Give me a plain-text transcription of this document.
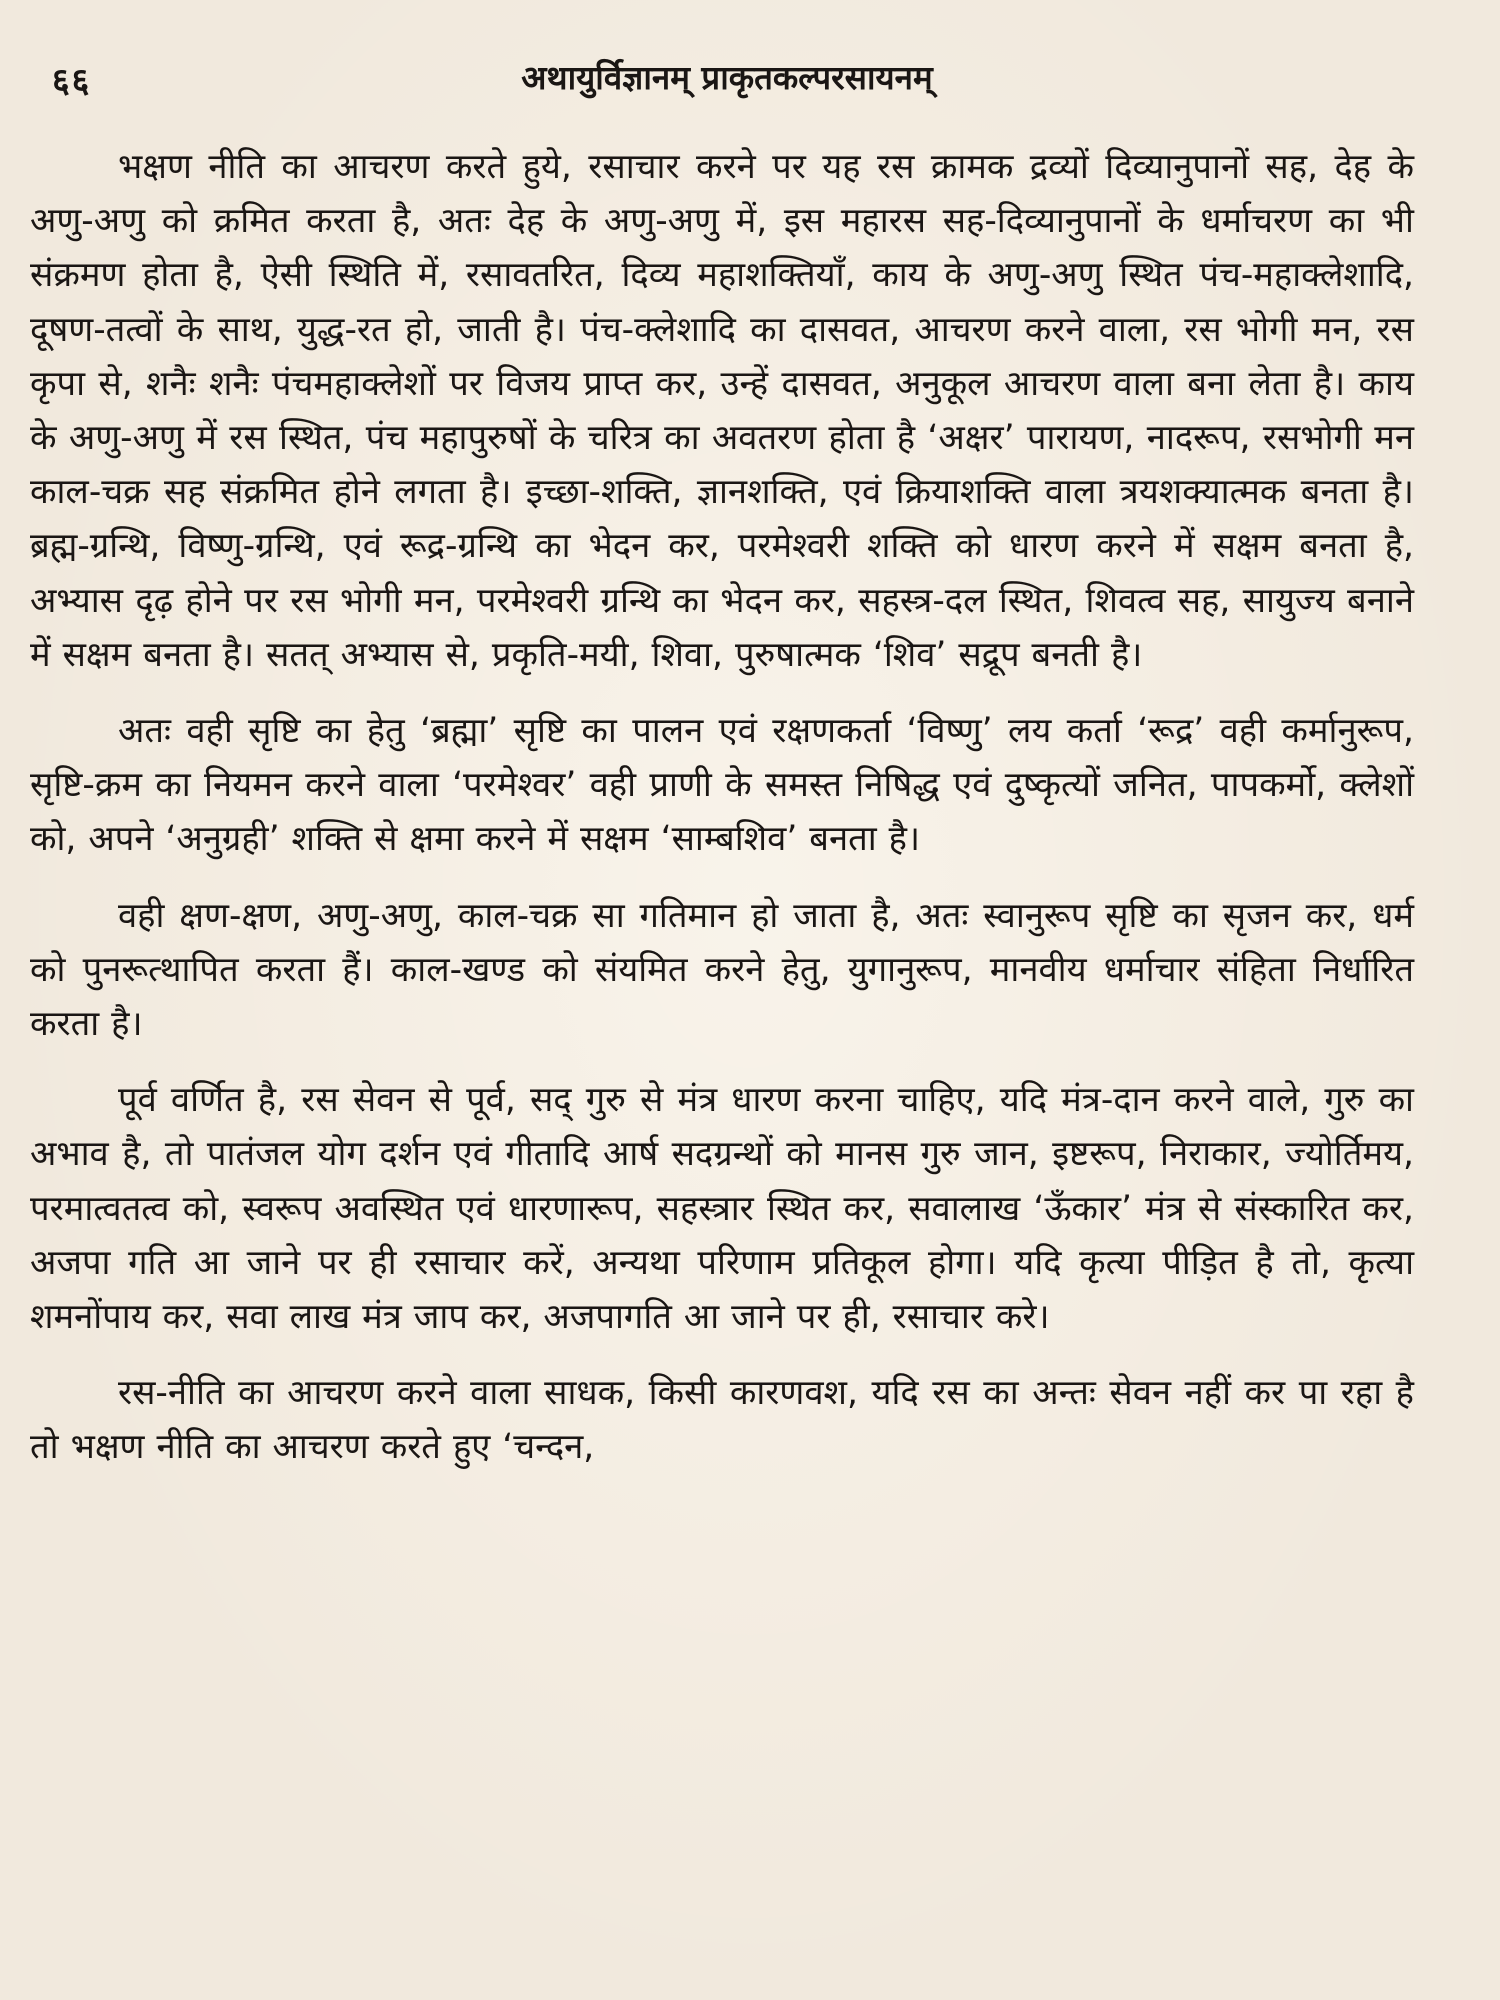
६६	अथायुर्विज्ञानम् प्राकृतकल्परसायनम्

भक्षण नीति का आचरण करते हुये, रसाचार करने पर यह रस क्रामक द्रव्यों दिव्यानुपानों सह, देह के अणु-अणु को क्रमित करता है, अतः देह के अणु-अणु में, इस महारस सह-दिव्यानुपानों के धर्माचरण का भी संक्रमण होता है, ऐसी स्थिति में, रसावतरित, दिव्य महाशक्तियाँ, काय के अणु-अणु स्थित पंच-महाक्लेशादि, दूषण-तत्वों के साथ, युद्ध-रत हो, जाती है। पंच-क्लेशादि का दासवत, आचरण करने वाला, रस भोगी मन, रस कृपा से, शनैः शनैः पंचमहाक्लेशों पर विजय प्राप्त कर, उन्हें दासवत, अनुकूल आचरण वाला बना लेता है। काय के अणु-अणु में रस स्थित, पंच महापुरुषों के चरित्र का अवतरण होता है ‘अक्षर’ पारायण, नादरूप, रसभोगी मन काल-चक्र सह संक्रमित होने लगता है। इच्छा-शक्ति, ज्ञानशक्ति, एवं क्रियाशक्ति वाला त्रयशक्यात्मक बनता है। ब्रह्म-ग्रन्थि, विष्णु-ग्रन्थि, एवं रूद्र-ग्रन्थि का भेदन कर, परमेश्वरी शक्ति को धारण करने में सक्षम बनता है, अभ्यास दृढ़ होने पर रस भोगी मन, परमेश्वरी ग्रन्थि का भेदन कर, सहस्त्र-दल स्थित, शिवत्व सह, सायुज्य बनाने में सक्षम बनता है। सतत् अभ्यास से, प्रकृति-मयी, शिवा, पुरुषात्मक ‘शिव’ सद्रूप बनती है।

अतः वही सृष्टि का हेतु ‘ब्रह्मा’ सृष्टि का पालन एवं रक्षणकर्ता ‘विष्णु’ लय कर्ता ‘रूद्र’ वही कर्मानुरूप, सृष्टि-क्रम का नियमन करने वाला ‘परमेश्वर’ वही प्राणी के समस्त निषिद्ध एवं दुष्कृत्यों जनित, पापकर्मो, क्लेशों को, अपने ‘अनुग्रही’ शक्ति से क्षमा करने में सक्षम ‘साम्बशिव’ बनता है।

वही क्षण-क्षण, अणु-अणु, काल-चक्र सा गतिमान हो जाता है, अतः स्वानुरूप सृष्टि का सृजन कर, धर्म को पुनरूत्थापित करता हैं। काल-खण्ड को संयमित करने हेतु, युगानुरूप, मानवीय धर्माचार संहिता निर्धारित करता है।

पूर्व वर्णित है, रस सेवन से पूर्व, सद् गुरु से मंत्र धारण करना चाहिए, यदि मंत्र-दान करने वाले, गुरु का अभाव है, तो पातंजल योग दर्शन एवं गीतादि आर्ष सदग्रन्थों को मानस गुरु जान, इष्टरूप, निराकार, ज्योर्तिमय, परमात्वतत्व को, स्वरूप अवस्थित एवं धारणारूप, सहस्त्रार स्थित कर, सवालाख ‘ऊँकार’ मंत्र से संस्कारित कर, अजपा गति आ जाने पर ही रसाचार करें, अन्यथा परिणाम प्रतिकूल होगा। यदि कृत्या पीड़ित है तो, कृत्या शमनोंपाय कर, सवा लाख मंत्र जाप कर, अजपागति आ जाने पर ही, रसाचार करे।

रस-नीति का आचरण करने वाला साधक, किसी कारणवश, यदि रस का अन्तः सेवन नहीं कर पा रहा है तो भक्षण नीति का आचरण करते हुए ‘चन्दन,
